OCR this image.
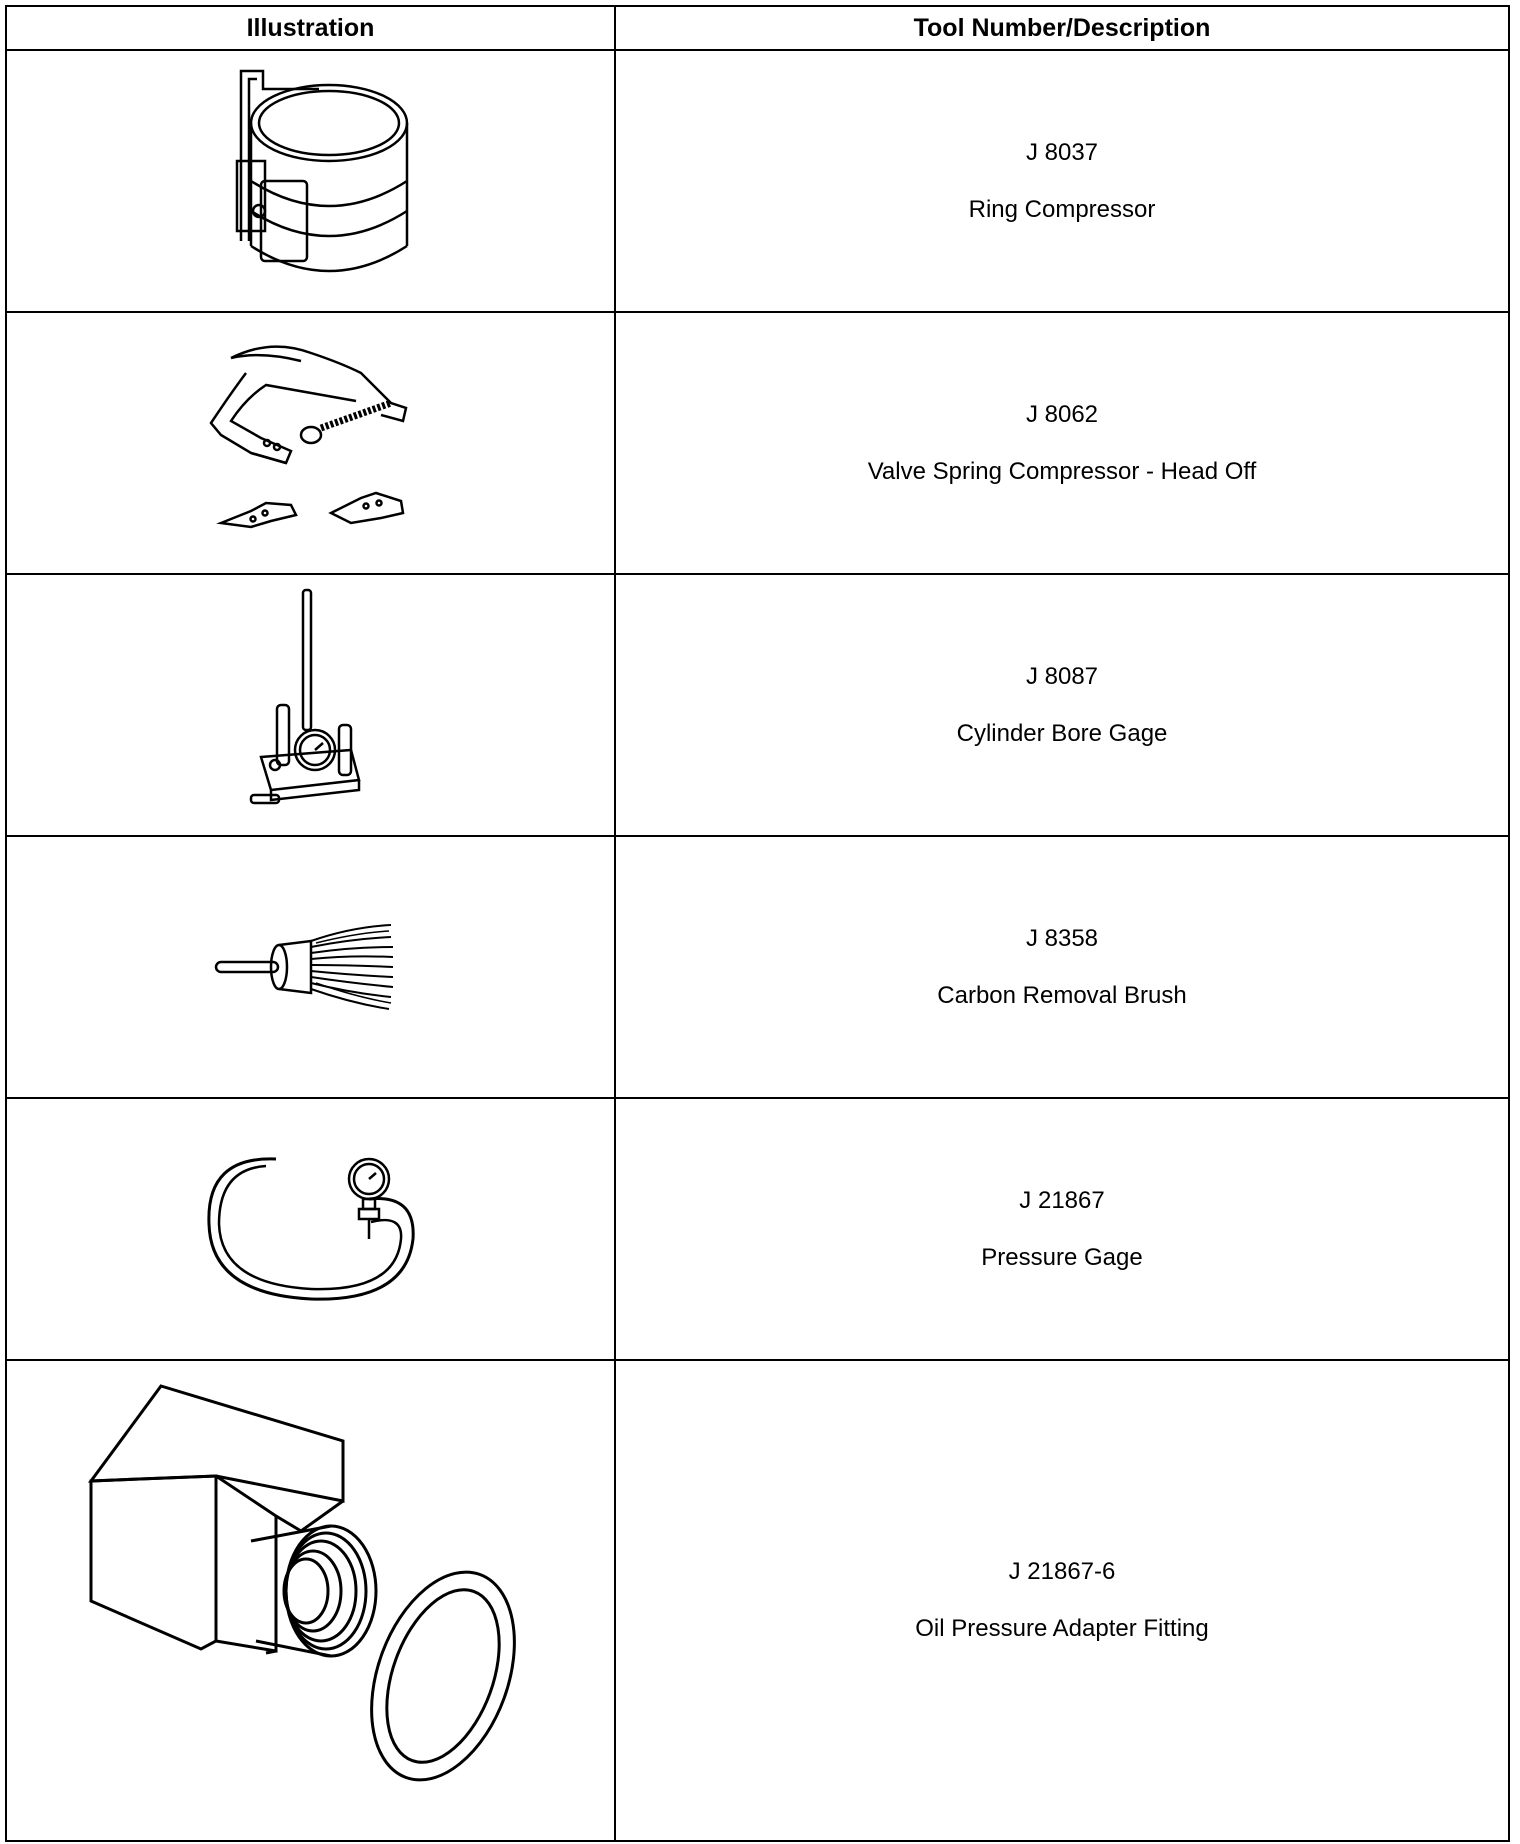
Illustration	Tool Number/Description

J 8037
Ring Compressor

J 8062
Valve Spring Compressor - Head Off

J 8087
Cylinder Bore Gage

J 8358
Carbon Removal Brush

J 21867
Pressure Gage

J 21867-6
Oil Pressure Adapter Fitting
